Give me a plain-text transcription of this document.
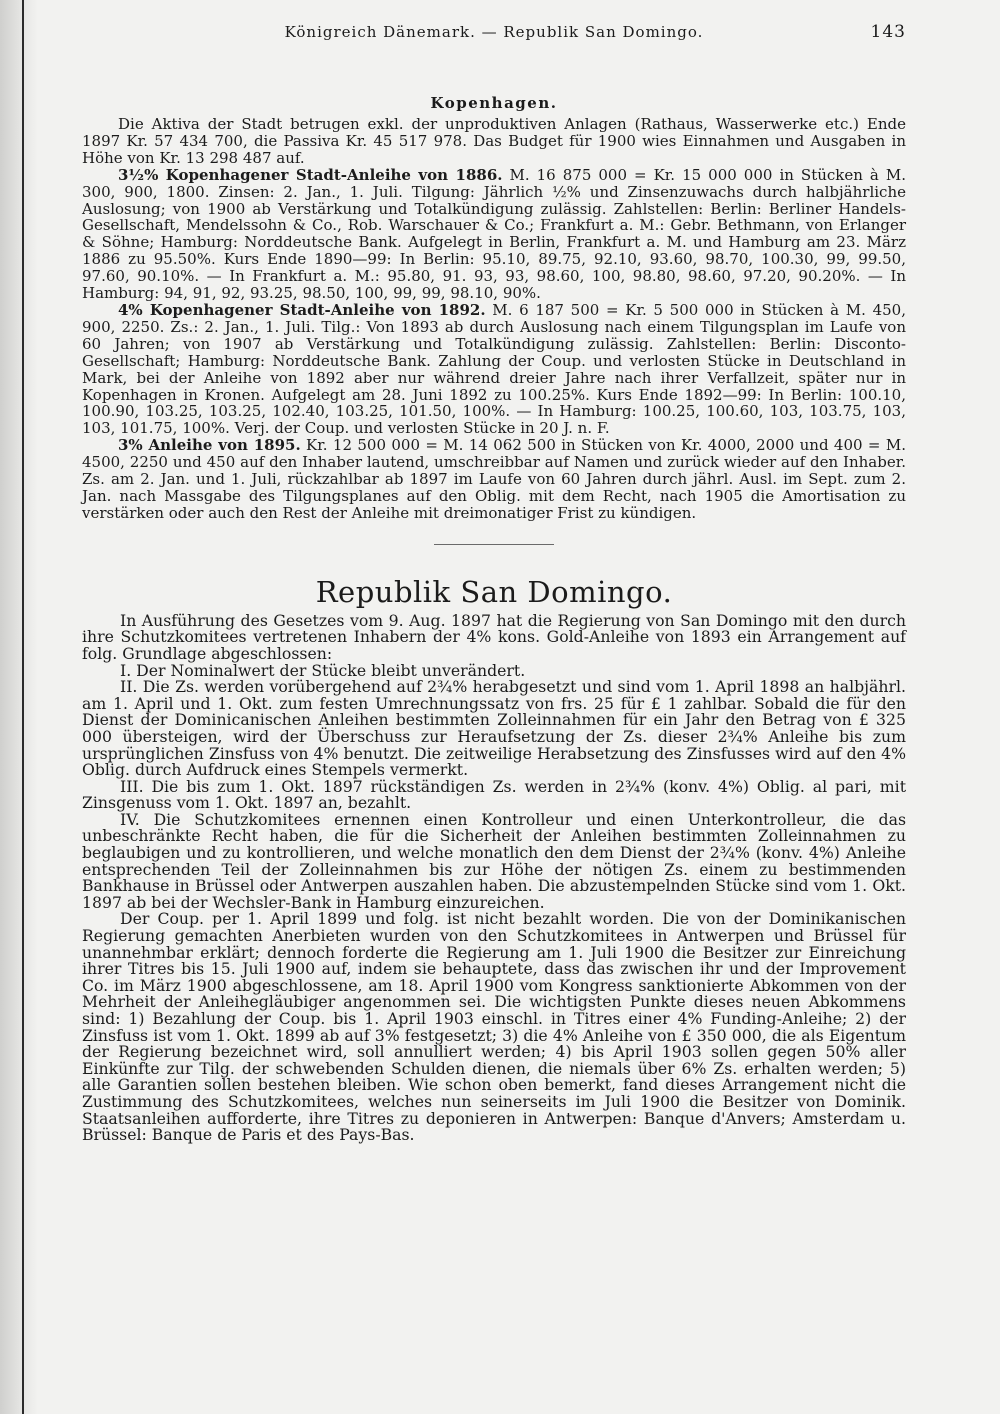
Königreich Dänemark. — Republik San Domingo.	143
Kopenhagen.

Die Aktiva der Stadt betrugen exkl. der unproduktiven Anlagen (Rathaus, Wasserwerke etc.) Ende 1897 Kr. 57 434 700, die Passiva Kr. 45 517 978. Das Budget für 1900 wies Einnahmen und Ausgaben in Höhe von Kr. 13 298 487 auf.

3½% Kopenhagener Stadt-Anleihe von 1886. M. 16 875 000 = Kr. 15 000 000 in Stücken à M. 300, 900, 1800. Zinsen: 2. Jan., 1. Juli. Tilgung: Jährlich ½% und Zinsenzuwachs durch halbjährliche Auslosung; von 1900 ab Verstärkung und Totalkündigung zulässig. Zahlstellen: Berlin: Berliner Handels-Gesellschaft, Mendelssohn & Co., Rob. Warschauer & Co.; Frankfurt a. M.: Gebr. Bethmann, von Erlanger & Söhne; Hamburg: Norddeutsche Bank. Aufgelegt in Berlin, Frankfurt a. M. und Hamburg am 23. März 1886 zu 95.50%. Kurs Ende 1890—99: In Berlin: 95.10, 89.75, 92.10, 93.60, 98.70, 100.30, 99, 99.50, 97.60, 90.10%. — In Frankfurt a. M.: 95.80, 91. 93, 93, 98.60, 100, 98.80, 98.60, 97.20, 90.20%. — In Hamburg: 94, 91, 92, 93.25, 98.50, 100, 99, 99, 98.10, 90%.

4% Kopenhagener Stadt-Anleihe von 1892. M. 6 187 500 = Kr. 5 500 000 in Stücken à M. 450, 900, 2250. Zs.: 2. Jan., 1. Juli. Tilg.: Von 1893 ab durch Auslosung nach einem Tilgungsplan im Laufe von 60 Jahren; von 1907 ab Verstärkung und Totalkündigung zulässig. Zahlstellen: Berlin: Disconto-Gesellschaft; Hamburg: Norddeutsche Bank. Zahlung der Coup. und verlosten Stücke in Deutschland in Mark, bei der Anleihe von 1892 aber nur während dreier Jahre nach ihrer Verfallzeit, später nur in Kopenhagen in Kronen. Aufgelegt am 28. Juni 1892 zu 100.25%. Kurs Ende 1892—99: In Berlin: 100.10, 100.90, 103.25, 103.25, 102.40, 103.25, 101.50, 100%. — In Hamburg: 100.25, 100.60, 103, 103.75, 103, 103, 101.75, 100%. Verj. der Coup. und verlosten Stücke in 20 J. n. F.

3% Anleihe von 1895. Kr. 12 500 000 = M. 14 062 500 in Stücken von Kr. 4000, 2000 und 400 = M. 4500, 2250 und 450 auf den Inhaber lautend, umschreibbar auf Namen und zurück wieder auf den Inhaber. Zs. am 2. Jan. und 1. Juli, rückzahlbar ab 1897 im Laufe von 60 Jahren durch jährl. Ausl. im Sept. zum 2. Jan. nach Massgabe des Tilgungsplanes auf den Oblig. mit dem Recht, nach 1905 die Amortisation zu verstärken oder auch den Rest der Anleihe mit dreimonatiger Frist zu kündigen.

Republik San Domingo.

In Ausführung des Gesetzes vom 9. Aug. 1897 hat die Regierung von San Domingo mit den durch ihre Schutzkomitees vertretenen Inhabern der 4% kons. Gold-Anleihe von 1893 ein Arrangement auf folg. Grundlage abgeschlossen:

I. Der Nominalwert der Stücke bleibt unverändert.

II. Die Zs. werden vorübergehend auf 2¾% herabgesetzt und sind vom 1. April 1898 an halbjährl. am 1. April und 1. Okt. zum festen Umrechnungssatz von frs. 25 für £ 1 zahlbar. Sobald die für den Dienst der Dominicanischen Anleihen bestimmten Zolleinnahmen für ein Jahr den Betrag von £ 325 000 übersteigen, wird der Überschuss zur Heraufsetzung der Zs. dieser 2¾% Anleihe bis zum ursprünglichen Zinsfuss von 4% benutzt. Die zeitweilige Herabsetzung des Zinsfusses wird auf den 4% Oblig. durch Aufdruck eines Stempels vermerkt.

III. Die bis zum 1. Okt. 1897 rückständigen Zs. werden in 2¾% (konv. 4%) Oblig. al pari, mit Zinsgenuss vom 1. Okt. 1897 an, bezahlt.

IV. Die Schutzkomitees ernennen einen Kontrolleur und einen Unterkontrolleur, die das unbeschränkte Recht haben, die für die Sicherheit der Anleihen bestimmten Zolleinnahmen zu beglaubigen und zu kontrollieren, und welche monatlich den dem Dienst der 2¾% (konv. 4%) Anleihe entsprechenden Teil der Zolleinnahmen bis zur Höhe der nötigen Zs. einem zu bestimmenden Bankhause in Brüssel oder Antwerpen auszahlen haben. Die abzustempelnden Stücke sind vom 1. Okt. 1897 ab bei der Wechsler-Bank in Hamburg einzureichen.

Der Coup. per 1. April 1899 und folg. ist nicht bezahlt worden. Die von der Dominikanischen Regierung gemachten Anerbieten wurden von den Schutzkomitees in Antwerpen und Brüssel für unannehmbar erklärt; dennoch forderte die Regierung am 1. Juli 1900 die Besitzer zur Einreichung ihrer Titres bis 15. Juli 1900 auf, indem sie behauptete, dass das zwischen ihr und der Improvement Co. im März 1900 abgeschlossene, am 18. April 1900 vom Kongress sanktionierte Abkommen von der Mehrheit der Anleihegläubiger angenommen sei. Die wichtigsten Punkte dieses neuen Abkommens sind: 1) Bezahlung der Coup. bis 1. April 1903 einschl. in Titres einer 4% Funding-Anleihe; 2) der Zinsfuss ist vom 1. Okt. 1899 ab auf 3% festgesetzt; 3) die 4% Anleihe von £ 350 000, die als Eigentum der Regierung bezeichnet wird, soll annulliert werden; 4) bis April 1903 sollen gegen 50% aller Einkünfte zur Tilg. der schwebenden Schulden dienen, die niemals über 6% Zs. erhalten werden; 5) alle Garantien sollen bestehen bleiben. Wie schon oben bemerkt, fand dieses Arrangement nicht die Zustimmung des Schutzkomitees, welches nun seinerseits im Juli 1900 die Besitzer von Dominik. Staatsanleihen aufforderte, ihre Titres zu deponieren in Antwerpen: Banque d'Anvers; Amsterdam u. Brüssel: Banque de Paris et des Pays-Bas.
